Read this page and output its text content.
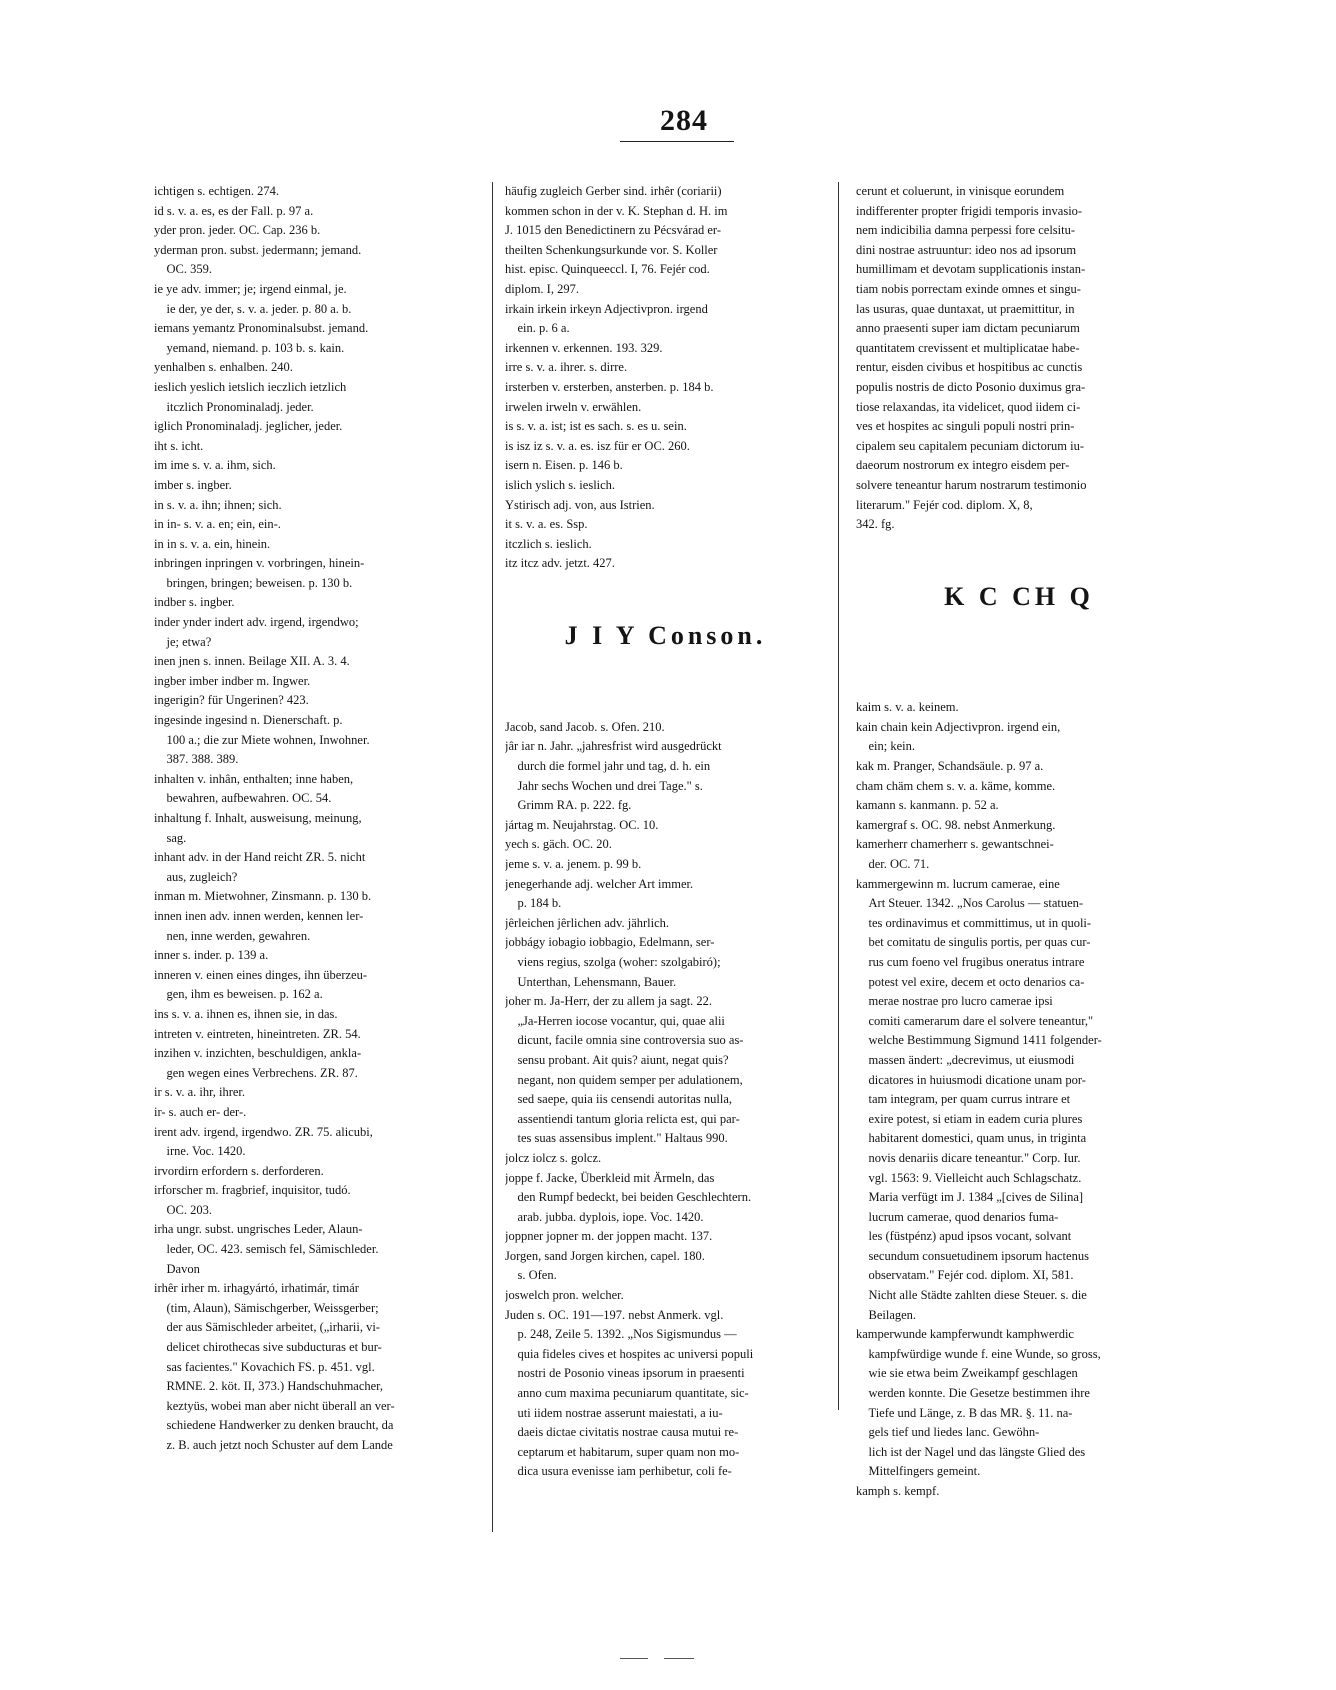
284
ichtigen s. echtigen. 274.
id s. v. a. es, es der Fall. p. 97 a.
yder pron. jeder. OC. Cap. 236 b.
yderman pron. subst. jedermann; jemand.
 OC. 359.
ie ye adv. immer; je; irgend einmal, je.
 ie der, ye der, s. v. a. jeder. p. 80 a. b.
iemans yemantz Pronominalsubst. jemand.
 yemand, niemand. p. 103 b. s. kain.
yenhalben s. enhalben. 240.
ieslich yeslich ietslich ieczlich ietzlich
 itczlich Pronominaladj. jeder.
iglich Pronominaladj. jeglicher, jeder.
iht s. icht.
im ime s. v. a. ihm, sich.
imber s. ingber.
in s. v. a. ihn; ihnen; sich.
in in- s. v. a. en; ein, ein-.
in in s. v. a. ein, hinein.
inbringen inpringen v. vorbringen, hinein-
 bringen, bringen; beweisen. p. 130 b.
indber s. ingber.
inder ynder indert adv. irgend, irgendwo;
 je; etwa?
inen jnen s. innen. Beilage XII. A. 3. 4.
ingber imber indber m. Ingwer.
ingerigin? für Ungerinen? 423.
ingesinde ingesind n. Dienerschaft. p.
 100 a.; die zur Miete wohnen, Inwohner.
 387. 388. 389.
inhalten v. inhân, enthalten; inne haben,
 bewahren, aufbewahren. OC. 54.
inhaltung f. Inhalt, ausweisung, meinung,
 sag.
inhant adv. in der Hand reicht ZR. 5. nicht
 aus, zugleich?
inman m. Mietwohner, Zinsmann. p. 130 b.
innen inen adv. innen werden, kennen ler-
 nen, inne werden, gewahren.
inner s. inder. p. 139 a.
inneren v. einen eines dinges, ihn überzeu-
 gen, ihm es beweisen. p. 162 a.
ins s. v. a. ihnen es, ihnen sie, in das.
intreten v. eintreten, hineintreten. ZR. 54.
inzihen v. inzichten, beschuldigen, ankla-
 gen wegen eines Verbrechens. ZR. 87.
ir s. v. a. ihr, ihrer.
ir- s. auch er- der-.
irent adv. irgend, irgendwo. ZR. 75. alicubi,
 irne. Voc. 1420.
irvordirn erfordern s. derforderen.
irforscher m. fragbrief, inquisitor, tudó.
 OC. 203.
irha ungr. subst. ungrisches Leder, Alaun-
 leder, OC. 423. semisch fel, Sämischleder.
 Davon
irhêr irher m. irhagyártó, irhatimár, timár
 (tim, Alaun), Sämischgerber, Weissgerber;
 der aus Sämischleder arbeitet, („irharii, vi-
 delicet chirothecas sive subducturas et bur-
 sas facientes." Kovachich FS. p. 451. vgl.
 RMNE. 2. köt. II, 373.) Handschuhmacher,
 keztyüs, wobei man aber nicht überall an ver-
 schiedene Handwerker zu denken braucht, da
 z. B. auch jetzt noch Schuster auf dem Lande
häufig zugleich Gerber sind. irhêr (coriarii)
kommen schon in der v. K. Stephan d. H. im
J. 1015 den Benedictinern zu Pécsvárad er-
theilten Schenkungsurkunde vor. S. Koller
hist. episc. Quinqueeccl. I, 76. Fejér cod.
diplom. I, 297.
irkain irkein irkeyn Adjectivpron. irgend
 ein. p. 6 a.
irkennen v. erkennen. 193. 329.
irre s. v. a. ihrer. s. dirre.
irsterben v. ersterben, ansterben. p. 184 b.
irwelen irweln v. erwählen.
is s. v. a. ist; ist es sach. s. es u. sein.
is isz iz s. v. a. es. isz für er OC. 260.
isern n. Eisen. p. 146 b.
islich yslich s. ieslich.
Ystirisch adj. von, aus Istrien.
it s. v. a. es. Ssp.
itczlich s. ieslich.
itz itcz adv. jetzt. 427.

J I Y Conson.

Jacob, sand Jacob. s. Ofen. 210.
jâr iar n. Jahr. „jahresfrist wird ausgedrückt
 durch die formel jahr und tag, d. h. ein
 Jahr sechs Wochen und drei Tage." s.
 Grimm RA. p. 222. fg.
jártag m. Neujahrstag. OC. 10.
yech s. gäch. OC. 20.
jeme s. v. a. jenem. p. 99 b.
jenegerhande adj. welcher Art immer.
 p. 184 b.
jêrleichen jêrlichen adv. jährlich.
jobbágy iobagio iobbagio, Edelmann, ser-
 viens regius, szolga (woher: szolgabiró);
 Unterthan, Lehensmann, Bauer.
joher m. Ja-Herr, der zu allem ja sagt. 22.
 „Ja-Herren iocose vocantur, qui, quae alii
 dicunt, facile omnia sine controversia suo as-
 sensu probant. Ait quis? aiunt, negat quis?
 negant, non quidem semper per adulationem,
 sed saepe, quia iis censendi autoritas nulla,
 assentiendi tantum gloria relicta est, qui par-
 tes suas assensibus implent." Haltaus 990.
jolcz iolcz s. golcz.
joppe f. Jacke, Überkleid mit Ärmeln, das
 den Rumpf bedeckt, bei beiden Geschlechtern.
 arab. jubba. dyplois, iope. Voc. 1420.
joppner jopner m. der joppen macht. 137.
Jorgen, sand Jorgen kirchen, capel. 180.
 s. Ofen.
joswelch pron. welcher.
Juden s. OC. 191—197. nebst Anmerk. vgl.
 p. 248, Zeile 5. 1392. „Nos Sigismundus —
 quia fideles cives et hospites ac universi populi
 nostri de Posonio vineas ipsorum in praesenti
 anno cum maxima pecuniarum quantitate, sic-
 uti iidem nostrae asserunt maiestati, a iu-
 daeis dictae civitatis nostrae causa mutui re-
 ceptarum et habitarum, super quam non mo-
 dica usura evenisse iam perhibetur, coli fe-
cerunt et coluerunt, in vinisque eorundem
indifferenter propter frigidi temporis invasio-
nem indicibilia damna perpessi fore celsitu-
dini nostrae astruuntur: ideo nos ad ipsorum
humillimam et devotam supplicationis instan-
tiam nobis porrectam exinde omnes et singu-
las usuras, quae duntaxat, ut praemittitur, in
anno praesenti super iam dictam pecuniarum
quantitatem crevissent et multiplicatae habe-
rentur, eisden civibus et hospitibus ac cunctis
populis nostris de dicto Posonio duximus gra-
tiose relaxandas, ita videlicet, quod iidem ci-
ves et hospites ac singuli populi nostri prin-
cipalem seu capitalem pecuniam dictorum iu-
daeorum nostrorum ex integro eisdem per-
solvere teneantur harum nostrarum testimonio
literarum." Fejér cod. diplom. X, 8,
342. fg.

K C CH Q

kaim s. v. a. keinem.
kain chain kein Adjectivpron. irgend ein,
 ein; kein.
kak m. Pranger, Schandsäule. p. 97 a.
cham chäm chem s. v. a. käme, komme.
kamann s. kanmann. p. 52 a.
kamergraf s. OC. 98. nebst Anmerkung.
kamerherr chamerherr s. gewantschnei-
 der. OC. 71.
kammergewinn m. lucrum camerae, eine
 Art Steuer. 1342. „Nos Carolus — statuen-
 tes ordinavimus et committimus, ut in quoli-
 bet comitatu de singulis portis, per quas cur-
 rus cum foeno vel frugibus oneratus intrare
 potest vel exire, decem et octo denarios ca-
 merae nostrae pro lucro camerae ipsi
 comiti camerarum dare el solvere teneantur,"
 welche Bestimmung Sigmund 1411 folgender-
 massen ändert: „decrevimus, ut eiusmodi
 dicatores in huiusmodi dicatione unam por-
 tam integram, per quam currus intrare et
 exire potest, si etiam in eadem curia plures
 habitarent domestici, quam unus, in triginta
 novis denariis dicare teneantur." Corp. Iur.
 vgl. 1563: 9. Vielleicht auch Schlagschatz.
 Maria verfügt im J. 1384 „[cives de Silina]
 lucrum camerae, quod denarios fuma-
 les (füstpénz) apud ipsos vocant, solvant
 secundum consuetudinem ipsorum hactenus
 observatam." Fejér cod. diplom. XI, 581.
 Nicht alle Städte zahlten diese Steuer. s. die
 Beilagen.
kamperwunde kampferwundt kamphwerdic
 kampfwürdige wunde f. eine Wunde, so gross,
 wie sie etwa beim Zweikampf geschlagen
 werden konnte. Die Gesetze bestimmen ihre
 Tiefe und Länge, z. B das MR. §. 11. na-
 gels tief und liedes lanc. Gewöhn-
 lich ist der Nagel und das längste Glied des
 Mittelfingers gemeint.
kamph s. kempf.
